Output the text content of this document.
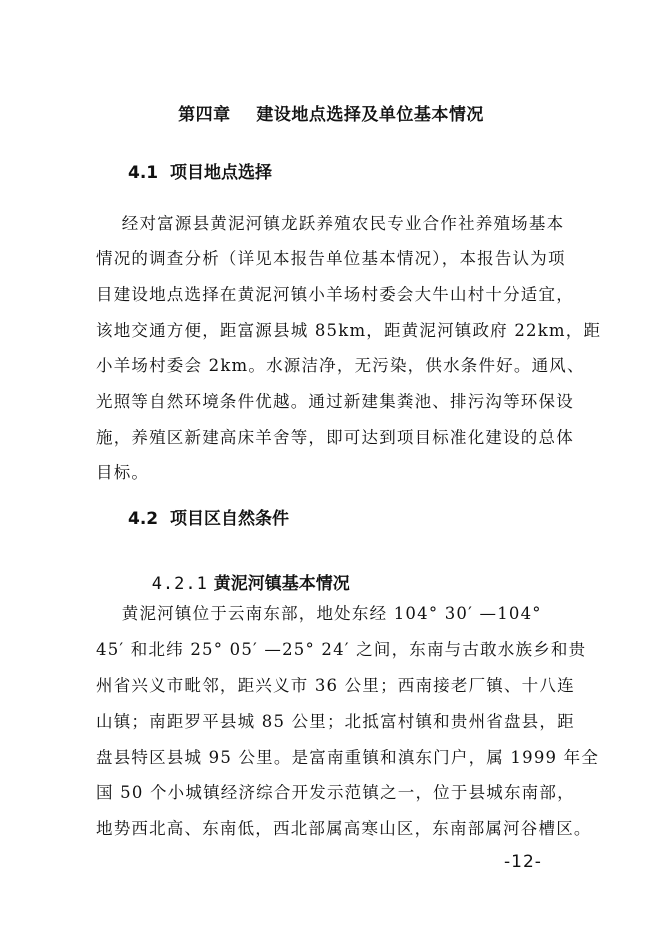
第四章    建设地点选择及单位基本情况
4.1  项目地点选择
经对富源县黄泥河镇龙跃养殖农民专业合作社养殖场基本
情况的调查分析（详见本报告单位基本情况），本报告认为项
目建设地点选择在黄泥河镇小羊场村委会大牛山村十分适宜，
该地交通方便，距富源县城 85km，距黄泥河镇政府 22km，距
小羊场村委会 2km。水源洁净，无污染，供水条件好。通风、
光照等自然环境条件优越。通过新建集粪池、排污沟等环保设
施，养殖区新建高床羊舍等，即可达到项目标准化建设的总体
目标。
4.2  项目区自然条件

4.2.1 黄泥河镇基本情况

黄泥河镇位于云南东部，地处东经 104° 30′ —104°
45′ 和北纬 25° 05′ —25° 24′ 之间，东南与古敢水族乡和贵
州省兴义市毗邻，距兴义市 36 公里；西南接老厂镇、十八连
山镇；南距罗平县城 85 公里；北抵富村镇和贵州省盘县，距
盘县特区县城 95 公里。是富南重镇和滇东门户，属 1999 年全
国 50 个小城镇经济综合开发示范镇之一，位于县城东南部，
地势西北高、东南低，西北部属高寒山区，东南部属河谷槽区。
-12-
